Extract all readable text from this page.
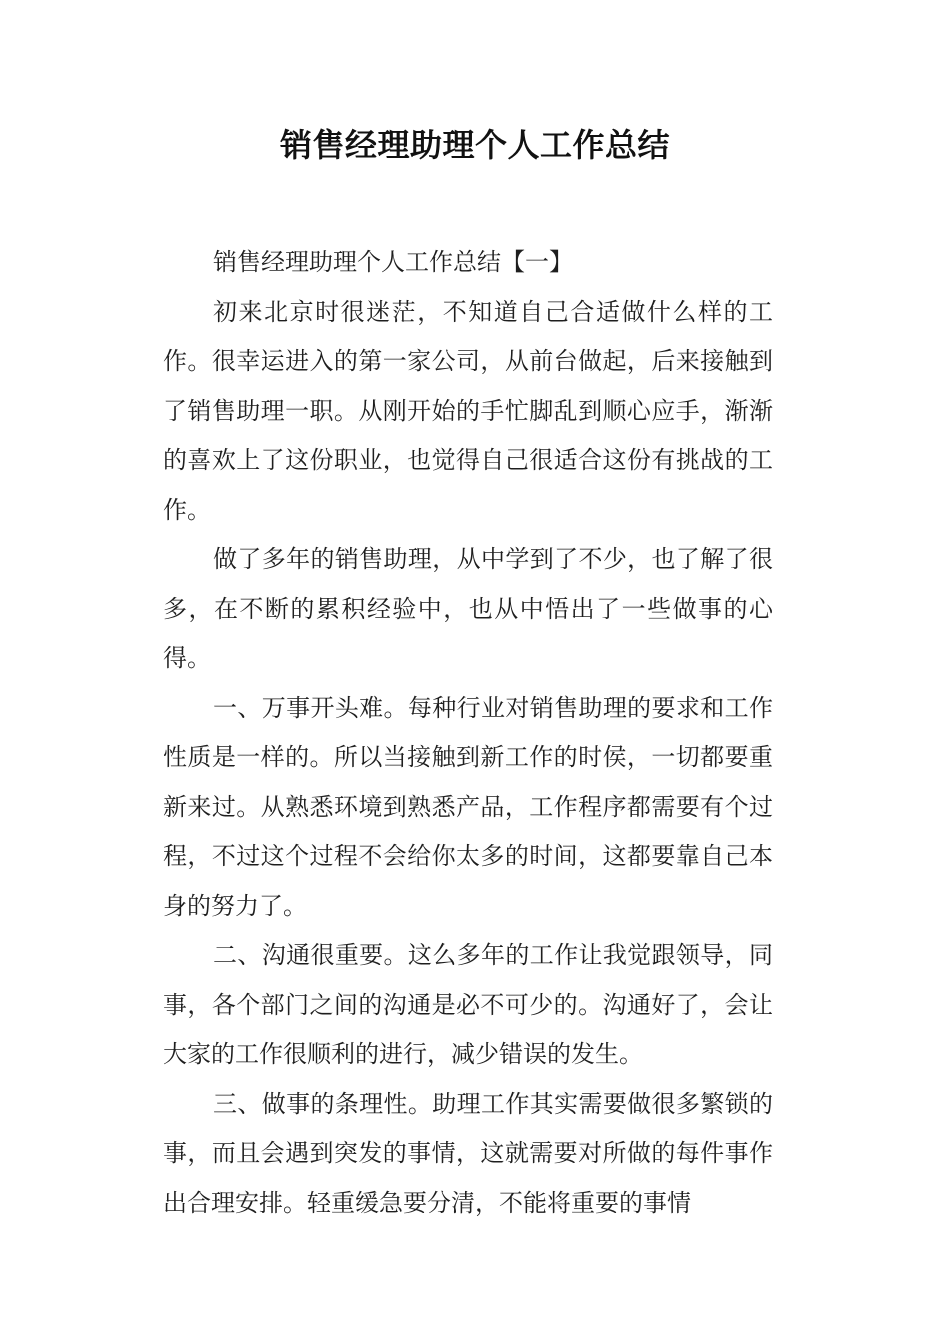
销售经理助理个人工作总结

销售经理助理个人工作总结【一】

初来北京时很迷茫，不知道自己合适做什么样的工作。很幸运进入的第一家公司，从前台做起，后来接触到了销售助理一职。从刚开始的手忙脚乱到顺心应手，渐渐的喜欢上了这份职业，也觉得自己很适合这份有挑战的工作。

做了多年的销售助理，从中学到了不少，也了解了很多，在不断的累积经验中，也从中悟出了一些做事的心得。

一、万事开头难。每种行业对销售助理的要求和工作性质是一样的。所以当接触到新工作的时侯，一切都要重新来过。从熟悉环境到熟悉产品，工作程序都需要有个过程，不过这个过程不会给你太多的时间，这都要靠自己本身的努力了。

二、沟通很重要。这么多年的工作让我觉跟领导，同事，各个部门之间的沟通是必不可少的。沟通好了，会让大家的工作很顺利的进行，减少错误的发生。

三、做事的条理性。助理工作其实需要做很多繁锁的事，而且会遇到突发的事情，这就需要对所做的每件事作出合理安排。轻重缓急要分清，不能将重要的事情
